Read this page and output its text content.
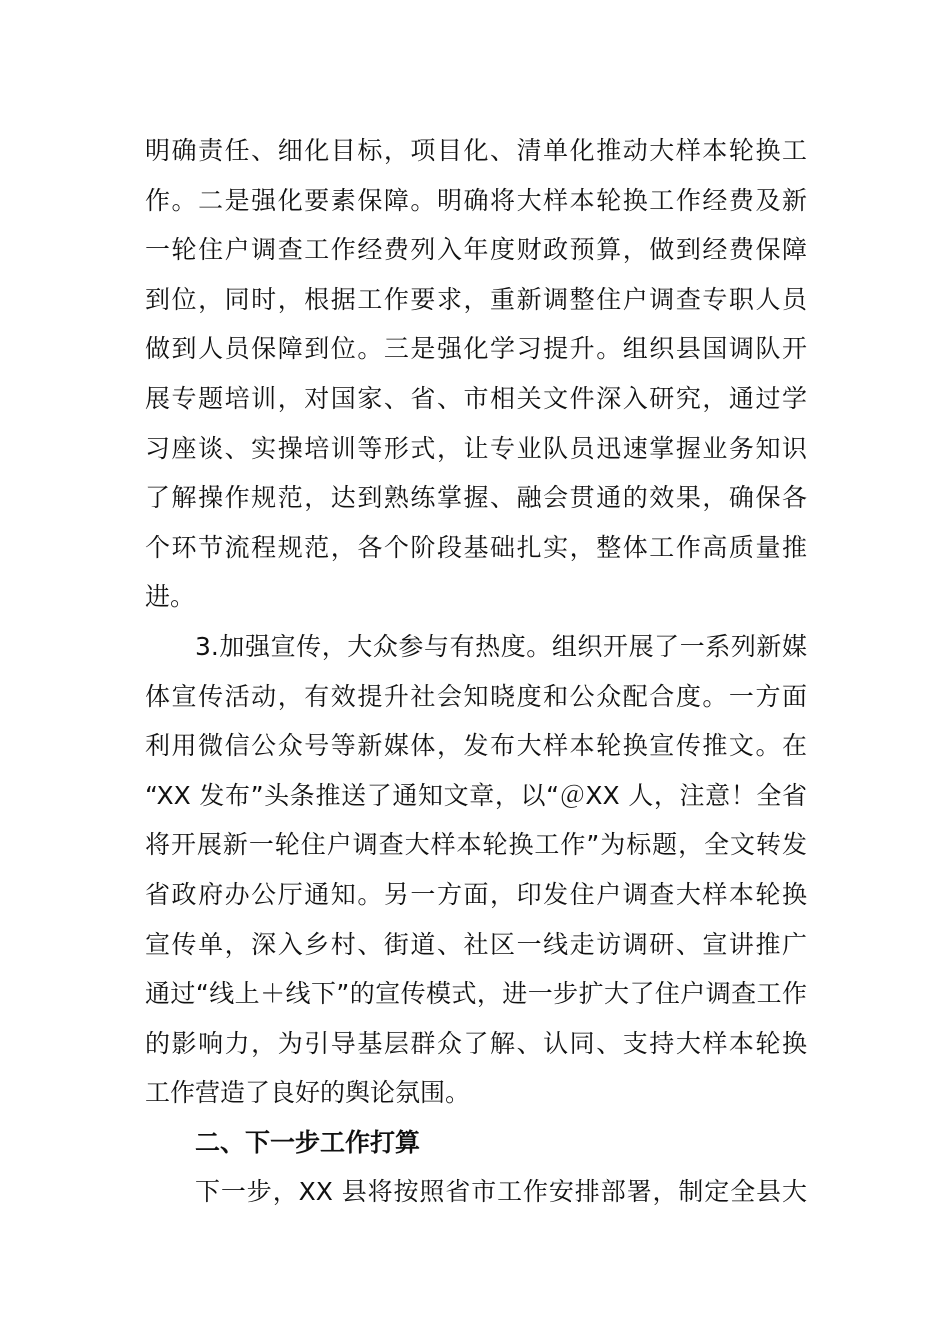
明确责任、细化目标，项目化、清单化推动大样本轮换工
作。二是强化要素保障。明确将大样本轮换工作经费及新
一轮住户调查工作经费列入年度财政预算，做到经费保障
到位，同时，根据工作要求，重新调整住户调查专职人员
做到人员保障到位。三是强化学习提升。组织县国调队开
展专题培训，对国家、省、市相关文件深入研究，通过学
习座谈、实操培训等形式，让专业队员迅速掌握业务知识
了解操作规范，达到熟练掌握、融会贯通的效果，确保各
个环节流程规范，各个阶段基础扎实，整体工作高质量推
进。
3.加强宣传，大众参与有热度。组织开展了一系列新媒
体宣传活动，有效提升社会知晓度和公众配合度。一方面
利用微信公众号等新媒体，发布大样本轮换宣传推文。在
“XX 发布”头条推送了通知文章，以“＠XX 人，注意！全省
将开展新一轮住户调查大样本轮换工作”为标题，全文转发
省政府办公厅通知。另一方面，印发住户调查大样本轮换
宣传单，深入乡村、街道、社区一线走访调研、宣讲推广
通过“线上＋线下”的宣传模式，进一步扩大了住户调查工作
的影响力，为引导基层群众了解、认同、支持大样本轮换
工作营造了良好的舆论氛围。
二、下一步工作打算
下一步，XX 县将按照省市工作安排部署，制定全县大
